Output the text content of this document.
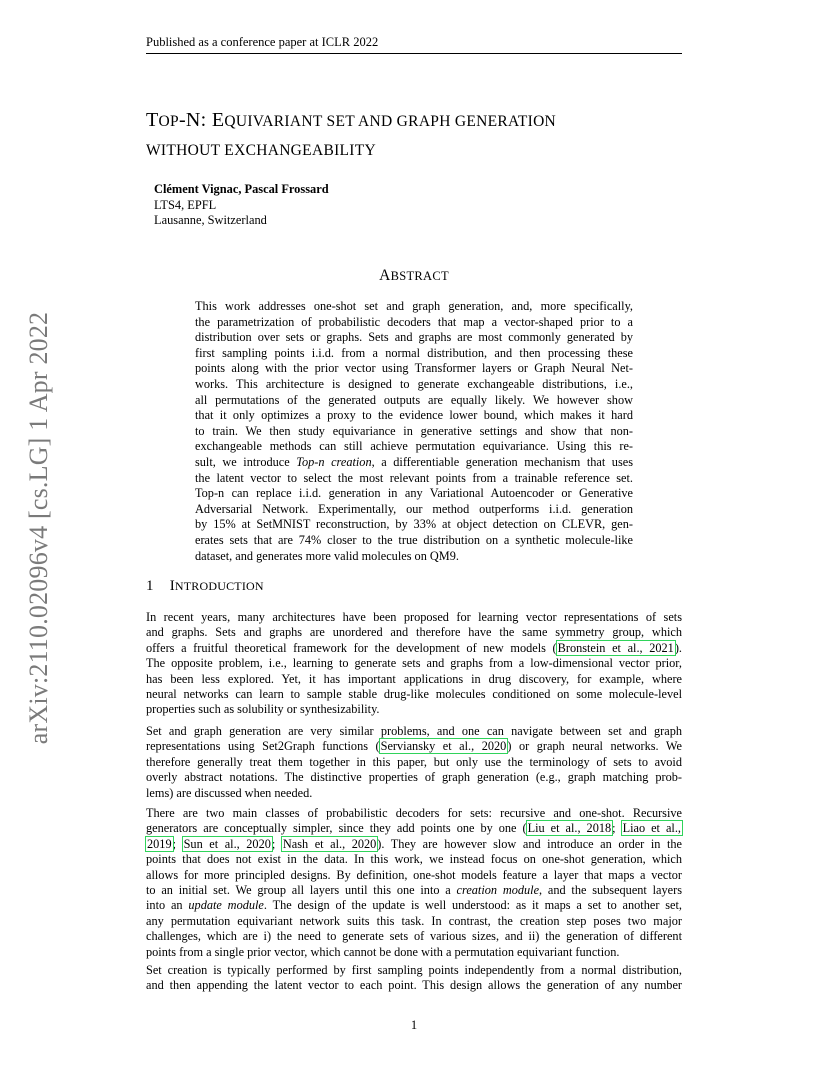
Published as a conference paper at ICLR 2022
TOP-N: EQUIVARIANT SET AND GRAPH GENERATION
WITHOUT EXCHANGEABILITY
Clément Vignac, Pascal Frossard
LTS4, EPFL
Lausanne, Switzerland
ABSTRACT
This work addresses one-shot set and graph generation, and, more specifically,
the parametrization of probabilistic decoders that map a vector-shaped prior to a
distribution over sets or graphs. Sets and graphs are most commonly generated by
first sampling points i.i.d. from a normal distribution, and then processing these
points along with the prior vector using Transformer layers or Graph Neural Net-
works. This architecture is designed to generate exchangeable distributions, i.e.,
all permutations of the generated outputs are equally likely. We however show
that it only optimizes a proxy to the evidence lower bound, which makes it hard
to train. We then study equivariance in generative settings and show that non-
exchangeable methods can still achieve permutation equivariance. Using this re-
sult, we introduce Top-n creation, a differentiable generation mechanism that uses
the latent vector to select the most relevant points from a trainable reference set.
Top-n can replace i.i.d. generation in any Variational Autoencoder or Generative
Adversarial Network. Experimentally, our method outperforms i.i.d. generation
by 15% at SetMNIST reconstruction, by 33% at object detection on CLEVR, gen-
erates sets that are 74% closer to the true distribution on a synthetic molecule-like
dataset, and generates more valid molecules on QM9.
1 INTRODUCTION
In recent years, many architectures have been proposed for learning vector representations of sets
and graphs. Sets and graphs are unordered and therefore have the same symmetry group, which
offers a fruitful theoretical framework for the development of new models (Bronstein et al., 2021).
The opposite problem, i.e., learning to generate sets and graphs from a low-dimensional vector prior,
has been less explored. Yet, it has important applications in drug discovery, for example, where
neural networks can learn to sample stable drug-like molecules conditioned on some molecule-level
properties such as solubility or synthesizability.
Set and graph generation are very similar problems, and one can navigate between set and graph
representations using Set2Graph functions (Serviansky et al., 2020) or graph neural networks. We
therefore generally treat them together in this paper, but only use the terminology of sets to avoid
overly abstract notations. The distinctive properties of graph generation (e.g., graph matching prob-
lems) are discussed when needed.
There are two main classes of probabilistic decoders for sets: recursive and one-shot. Recursive
generators are conceptually simpler, since they add points one by one (Liu et al., 2018; Liao et al.,
2019; Sun et al., 2020; Nash et al., 2020). They are however slow and introduce an order in the
points that does not exist in the data. In this work, we instead focus on one-shot generation, which
allows for more principled designs. By definition, one-shot models feature a layer that maps a vector
to an initial set. We group all layers until this one into a creation module, and the subsequent layers
into an update module. The design of the update is well understood: as it maps a set to another set,
any permutation equivariant network suits this task. In contrast, the creation step poses two major
challenges, which are i) the need to generate sets of various sizes, and ii) the generation of different
points from a single prior vector, which cannot be done with a permutation equivariant function.
Set creation is typically performed by first sampling points independently from a normal distribution,
and then appending the latent vector to each point. This design allows the generation of any number
arXiv:2110.02096v4 [cs.LG] 1 Apr 2022
1
